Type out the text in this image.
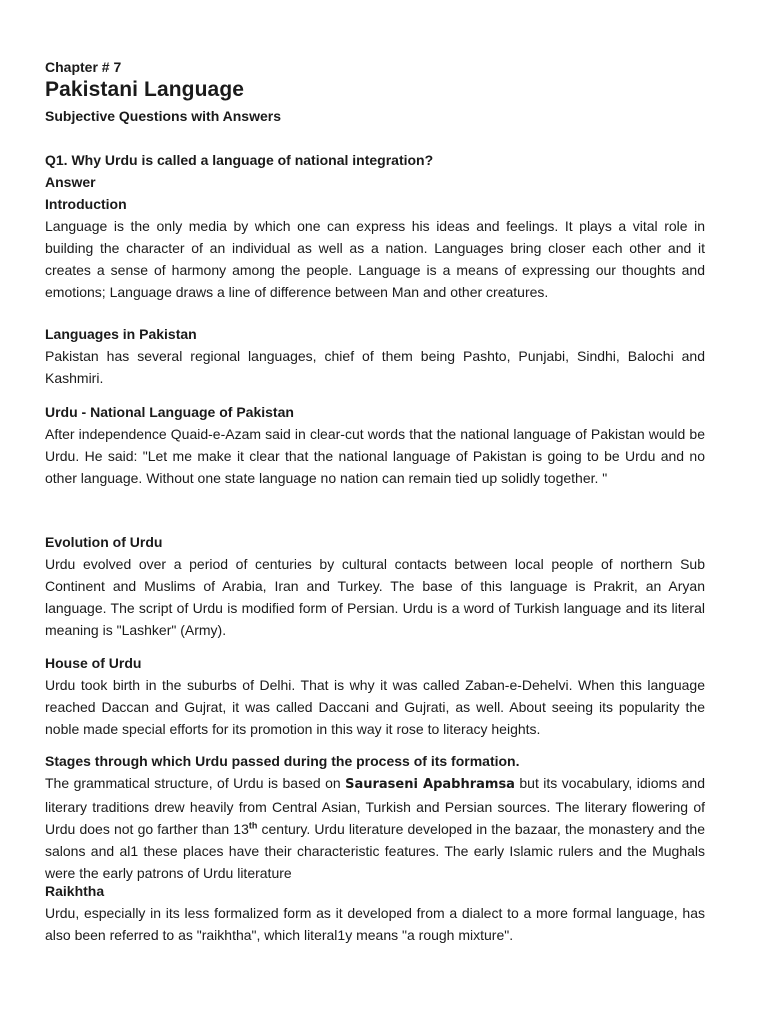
Chapter # 7
Pakistani Language
Subjective Questions with Answers
Q1. Why Urdu is called a language of national integration?
Answer
Introduction

Language is the only media by which one can express his ideas and feelings. It plays a vital role in building the character of an individual as well as a nation. Languages bring closer each other and it creates a sense of harmony among the people. Language is a means of expressing our thoughts and emotions; Language draws a line of difference between Man and other creatures.

Languages in Pakistan

Pakistan has several regional languages, chief of them being Pashto, Punjabi, Sindhi, Balochi and Kashmiri.

Urdu - National Language of Pakistan

After independence Quaid-e-Azam said in clear-cut words that the national language of Pakistan would be Urdu. He said: "Let me make it clear that the national language of Pakistan is going to be Urdu and no other language. Without one state language no nation can remain tied up solidly together. "

Evolution of Urdu

Urdu evolved over a period of centuries by cultural contacts between local people of northern Sub Continent and Muslims of Arabia, Iran and Turkey. The base of this language is Prakrit, an Aryan language. The script of Urdu is modified form of Persian. Urdu is a word of Turkish language and its literal meaning is "Lashker" (Army).

House of Urdu

Urdu took birth in the suburbs of Delhi. That is why it was called Zaban-e-Dehelvi. When this language reached Daccan and Gujrat, it was called Daccani and Gujrati, as well. About seeing its popularity the noble made special efforts for its promotion in this way it rose to literacy heights.

Stages through which Urdu passed during the process of its formation.

The grammatical structure, of Urdu is based on Sauraseni Apabhramsa but its vocabulary, idioms and literary traditions drew heavily from Central Asian, Turkish and Persian sources. The literary flowering of Urdu does not go farther than 13th century. Urdu literature developed in the bazaar, the monastery and the salons and al1 these places have their characteristic features. The early Islamic rulers and the Mughals were the early patrons of Urdu literature

Raikhtha

Urdu, especially in its less formalized form as it developed from a dialect to a more formal language, has also been referred to as "raikhtha", which literal1y means "a rough mixture".
